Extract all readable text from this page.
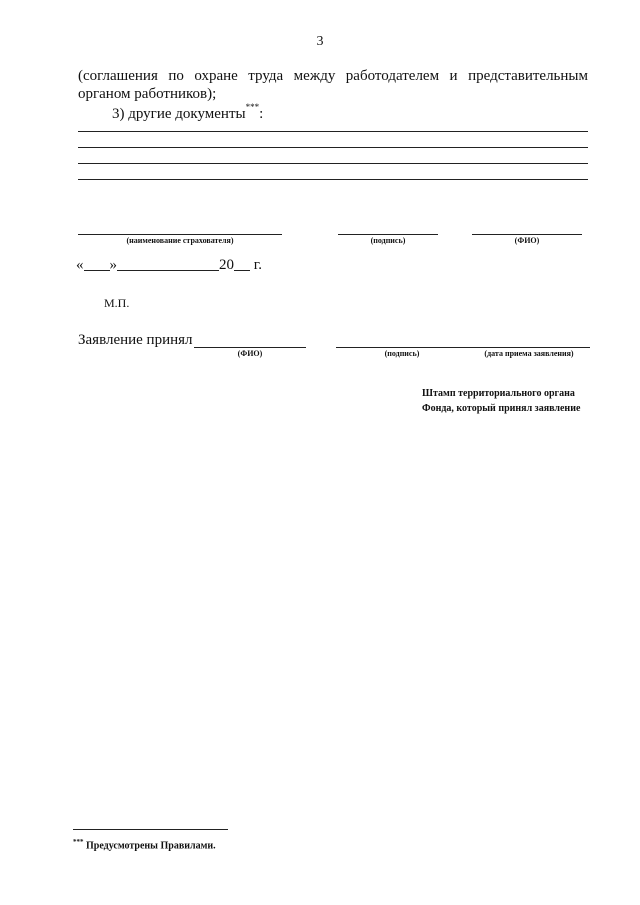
3
(соглашения по охране труда между работодателем и представительным
органом работников);
3) другие документы***:
(наименование страхователя)	(подпись)	(ФИО)
« »	20 г.
М.П.
Заявление принял
(ФИО)	(подпись)	(дата приема заявления)
Штамп территориального органа
Фонда, который принял заявление
*** Предусмотрены Правилами.
